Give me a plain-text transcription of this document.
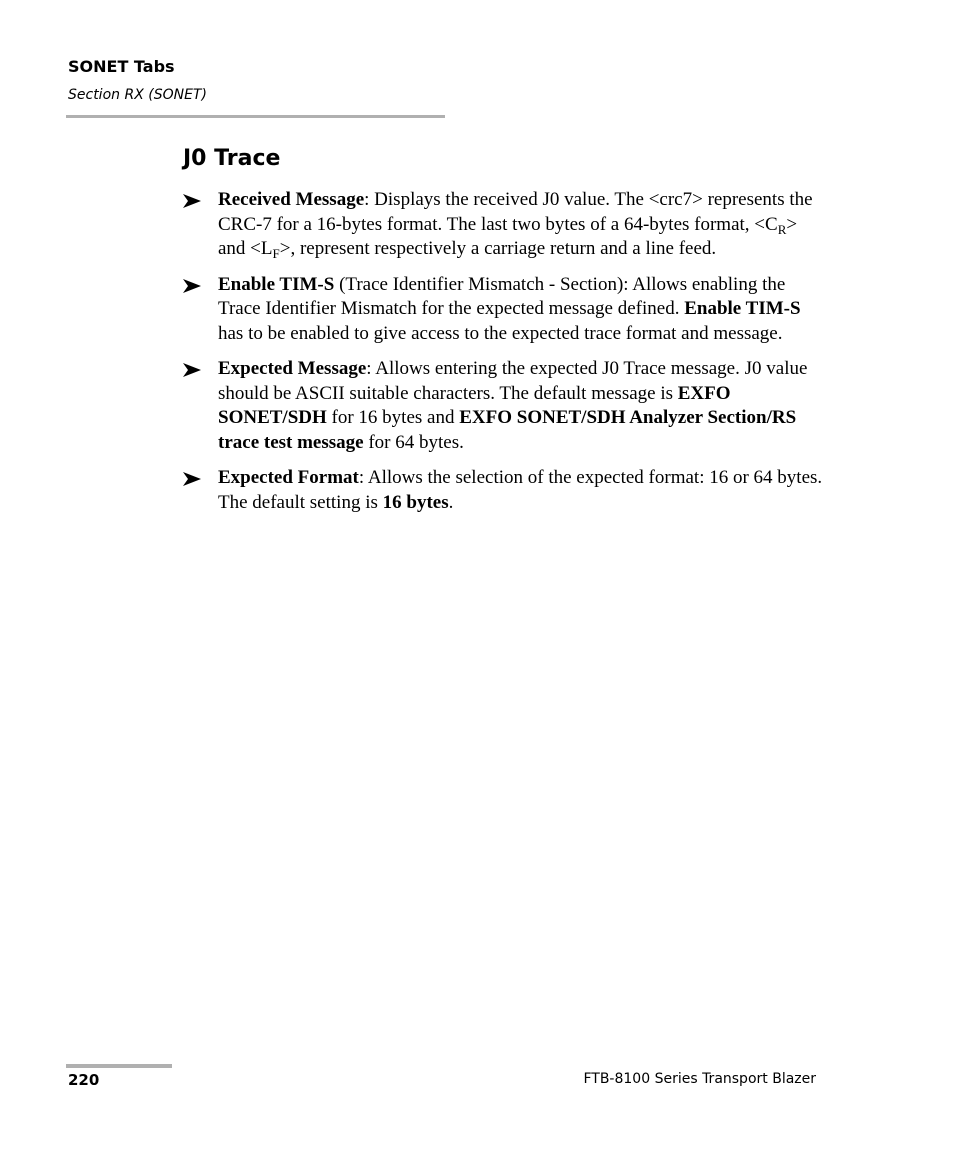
SONET Tabs
Section RX (SONET)
J0 Trace
Received Message: Displays the received J0 value. The <crc7> represents the CRC-7 for a 16-bytes format. The last two bytes of a 64-bytes format, $<C_R>$ and $<L_F>$, represent respectively a carriage return and a line feed.
Enable TIM-S (Trace Identifier Mismatch - Section): Allows enabling the Trace Identifier Mismatch for the expected message defined. Enable TIM-S has to be enabled to give access to the expected trace format and message.
Expected Message: Allows entering the expected J0 Trace message. J0 value should be ASCII suitable characters. The default message is EXFO SONET/SDH for 16 bytes and EXFO SONET/SDH Analyzer Section/RS trace test message for 64 bytes.
Expected Format: Allows the selection of the expected format: 16 or 64 bytes. The default setting is 16 bytes.
220	FTB-8100 Series Transport Blazer
